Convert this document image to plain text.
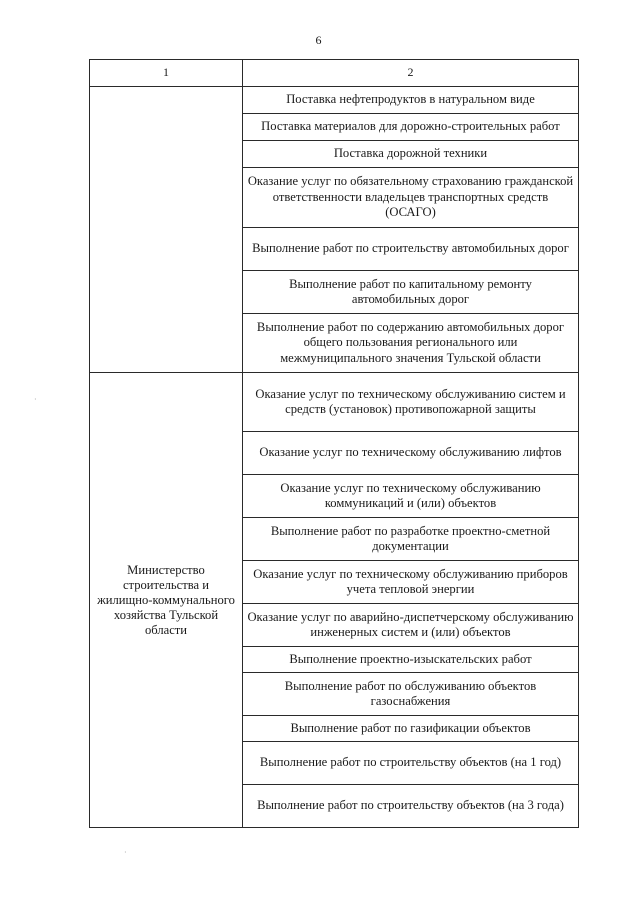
6
1	2
	Поставка нефтепродуктов в натуральном виде
	Поставка материалов для дорожно-строительных работ
	Поставка дорожной техники
	Оказание услуг по обязательному страхованию гражданской ответственности владельцев транспортных средств (ОСАГО)
	Выполнение работ по строительству автомобильных дорог
	Выполнение работ по капитальному ремонту автомобильных дорог
	Выполнение работ по содержанию автомобильных дорог общего пользования регионального или межмуниципального значения Тульской области
Министерство строительства и жилищно-коммунального хозяйства Тульской области	Оказание услуг по техническому обслуживанию систем и средств (установок) противопожарной защиты
	Оказание услуг по техническому обслуживанию лифтов
	Оказание услуг по техническому обслуживанию коммуникаций и (или) объектов
	Выполнение работ по разработке проектно-сметной документации
	Оказание услуг по техническому обслуживанию приборов учета тепловой энергии
	Оказание услуг по аварийно-диспетчерскому обслуживанию инженерных систем и (или) объектов
	Выполнение проектно-изыскательских работ
	Выполнение работ по обслуживанию объектов газоснабжения
	Выполнение работ по газификации объектов
	Выполнение работ по строительству объектов (на 1 год)
	Выполнение работ по строительству объектов (на 3 года)
·
·
